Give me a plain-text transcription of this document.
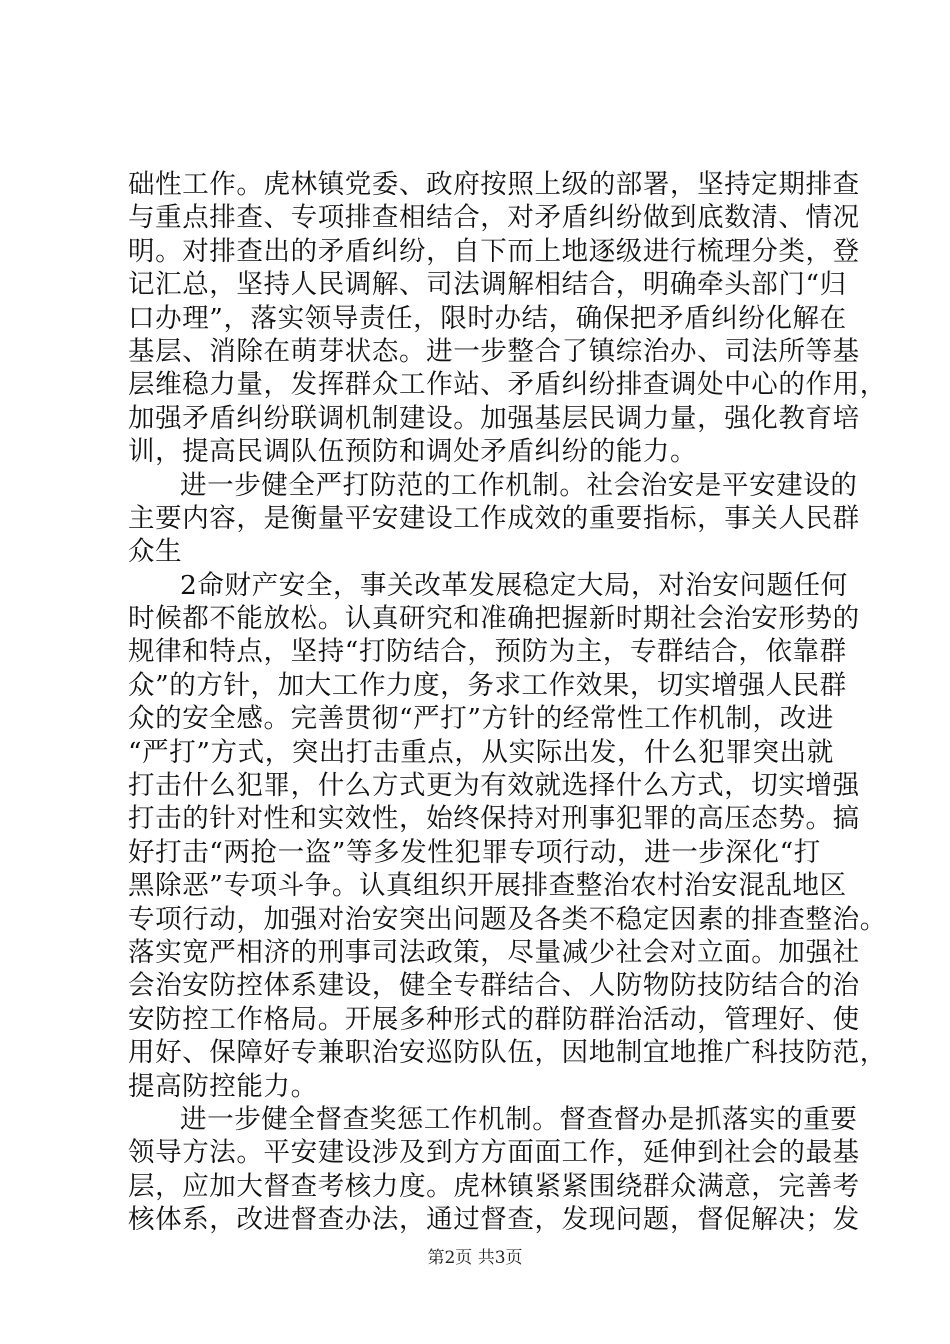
础性工作。虎林镇党委、政府按照上级的部署，坚持定期排查
与重点排查、专项排查相结合，对矛盾纠纷做到底数清、情况
明。对排查出的矛盾纠纷，自下而上地逐级进行梳理分类，登
记汇总，坚持人民调解、司法调解相结合，明确牵头部门“归
口办理”，落实领导责任，限时办结，确保把矛盾纠纷化解在
基层、消除在萌芽状态。进一步整合了镇综治办、司法所等基
层维稳力量，发挥群众工作站、矛盾纠纷排查调处中心的作用，
加强矛盾纠纷联调机制建设。加强基层民调力量，强化教育培
训，提高民调队伍预防和调处矛盾纠纷的能力。
进一步健全严打防范的工作机制。社会治安是平安建设的
主要内容，是衡量平安建设工作成效的重要指标，事关人民群
众生
2命财产安全，事关改革发展稳定大局，对治安问题任何
时候都不能放松。认真研究和准确把握新时期社会治安形势的
规律和特点，坚持“打防结合，预防为主，专群结合，依靠群
众”的方针，加大工作力度，务求工作效果，切实增强人民群
众的安全感。完善贯彻“严打”方针的经常性工作机制，改进
“严打”方式，突出打击重点，从实际出发，什么犯罪突出就
打击什么犯罪，什么方式更为有效就选择什么方式，切实增强
打击的针对性和实效性，始终保持对刑事犯罪的高压态势。搞
好打击“两抢一盗”等多发性犯罪专项行动，进一步深化“打
黑除恶”专项斗争。认真组织开展排查整治农村治安混乱地区
专项行动，加强对治安突出问题及各类不稳定因素的排查整治。
落实宽严相济的刑事司法政策，尽量减少社会对立面。加强社
会治安防控体系建设，健全专群结合、人防物防技防结合的治
安防控工作格局。开展多种形式的群防群治活动，管理好、使
用好、保障好专兼职治安巡防队伍，因地制宜地推广科技防范，
提高防控能力。
进一步健全督查奖惩工作机制。督查督办是抓落实的重要
领导方法。平安建设涉及到方方面面工作，延伸到社会的最基
层，应加大督查考核力度。虎林镇紧紧围绕群众满意，完善考
核体系，改进督查办法，通过督查，发现问题，督促解决；发
第2页 共3页
